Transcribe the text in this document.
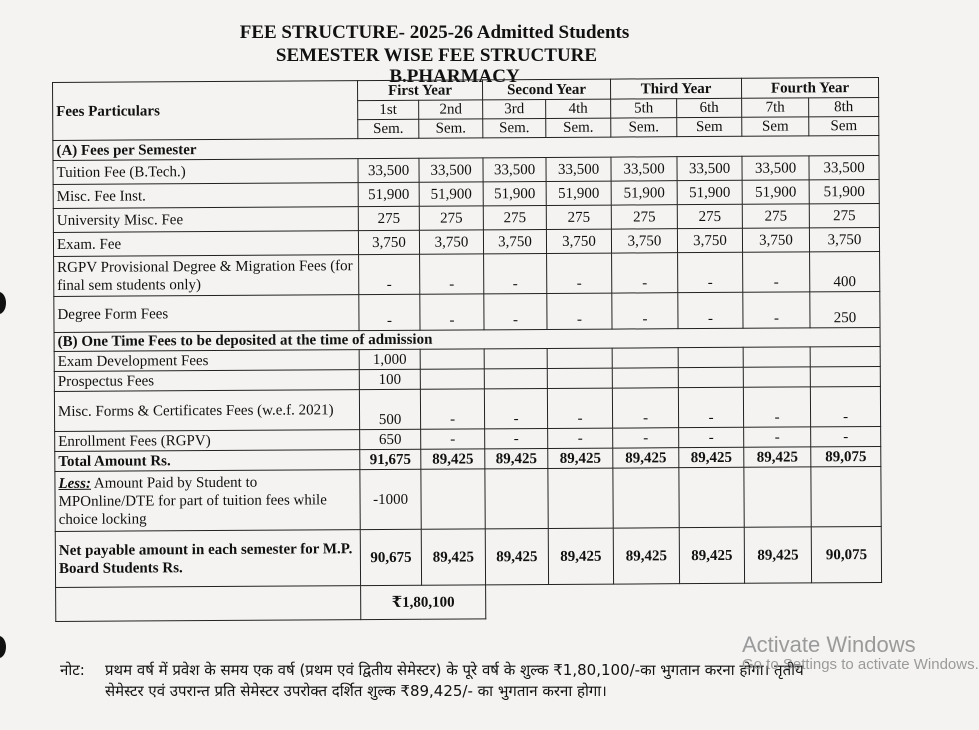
FEE STRUCTURE- 2025-26 Admitted Students
SEMESTER WISE FEE STRUCTURE
B.PHARMACY
Fees Particulars	First Year		Second Year		Third Year		Fourth Year	
	1st	2nd	3rd	4th	5th	6th	7th	8th
	Sem.	Sem.	Sem.	Sem.	Sem.	Sem	Sem	Sem
(A) Fees per Semester								
Tuition Fee (B.Tech.)	33,500	33,500	33,500	33,500	33,500	33,500	33,500	33,500
Misc. Fee Inst.	51,900	51,900	51,900	51,900	51,900	51,900	51,900	51,900
University Misc. Fee	275	275	275	275	275	275	275	275
Exam. Fee	3,750	3,750	3,750	3,750	3,750	3,750	3,750	3,750
RGPV Provisional Degree & Migration Fees (for final sem students only)	-	-	-	-	-	-	-	400
Degree Form Fees	-	-	-	-	-	-	-	250
(B) One Time Fees to be deposited at the time of admission								
Exam Development Fees	1,000							
Prospectus Fees	100							
Misc. Forms & Certificates Fees (w.e.f. 2021)	500	-	-	-	-	-	-	-
Enrollment Fees (RGPV)	650	-	-	-	-	-	-	-
Total Amount Rs.	91,675	89,425	89,425	89,425	89,425	89,425	89,425	89,075
Less: Amount Paid by Student to MPOnline/DTE for part of tuition fees while choice locking	-1000							
Net payable amount in each semester for M.P. Board Students Rs.	90,675	89,425	89,425	89,425	89,425	89,425	89,425	90,075
	₹1,80,100							
नोट: प्रथम वर्ष में प्रवेश के समय एक वर्ष (प्रथम एवं द्वितीय सेमेस्टर) के पूरे वर्ष के शुल्क ₹1,80,100/-का भुगतान करना होगा। तृतीय सेमेस्टर एवं उपरान्त प्रति सेमेस्टर उपरोक्त दर्शित शुल्क ₹89,425/- का भुगतान करना होगा।
Activate Windows
Go to Settings to activate Windows.
